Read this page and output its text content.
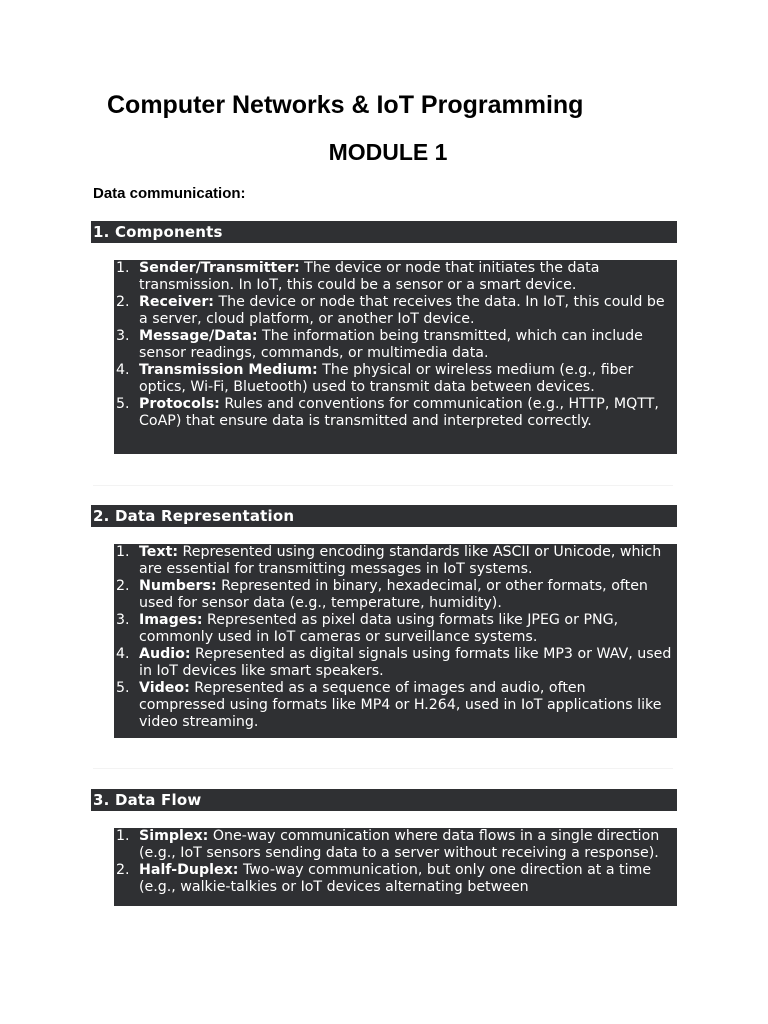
Computer Networks & IoT Programming
MODULE 1
Data communication:
1. Components
1. Sender/Transmitter: The device or node that initiates the data transmission. In IoT, this could be a sensor or a smart device.
2. Receiver: The device or node that receives the data. In IoT, this could be a server, cloud platform, or another IoT device.
3. Message/Data: The information being transmitted, which can include sensor readings, commands, or multimedia data.
4. Transmission Medium: The physical or wireless medium (e.g., fiber optics, Wi-Fi, Bluetooth) used to transmit data between devices.
5. Protocols: Rules and conventions for communication (e.g., HTTP, MQTT, CoAP) that ensure data is transmitted and interpreted correctly.
2. Data Representation
1. Text: Represented using encoding standards like ASCII or Unicode, which are essential for transmitting messages in IoT systems.
2. Numbers: Represented in binary, hexadecimal, or other formats, often used for sensor data (e.g., temperature, humidity).
3. Images: Represented as pixel data using formats like JPEG or PNG, commonly used in IoT cameras or surveillance systems.
4. Audio: Represented as digital signals using formats like MP3 or WAV, used in IoT devices like smart speakers.
5. Video: Represented as a sequence of images and audio, often compressed using formats like MP4 or H.264, used in IoT applications like video streaming.
3. Data Flow
1. Simplex: One-way communication where data flows in a single direction (e.g., IoT sensors sending data to a server without receiving a response).
2. Half-Duplex: Two-way communication, but only one direction at a time (e.g., walkie-talkies or IoT devices alternating between
